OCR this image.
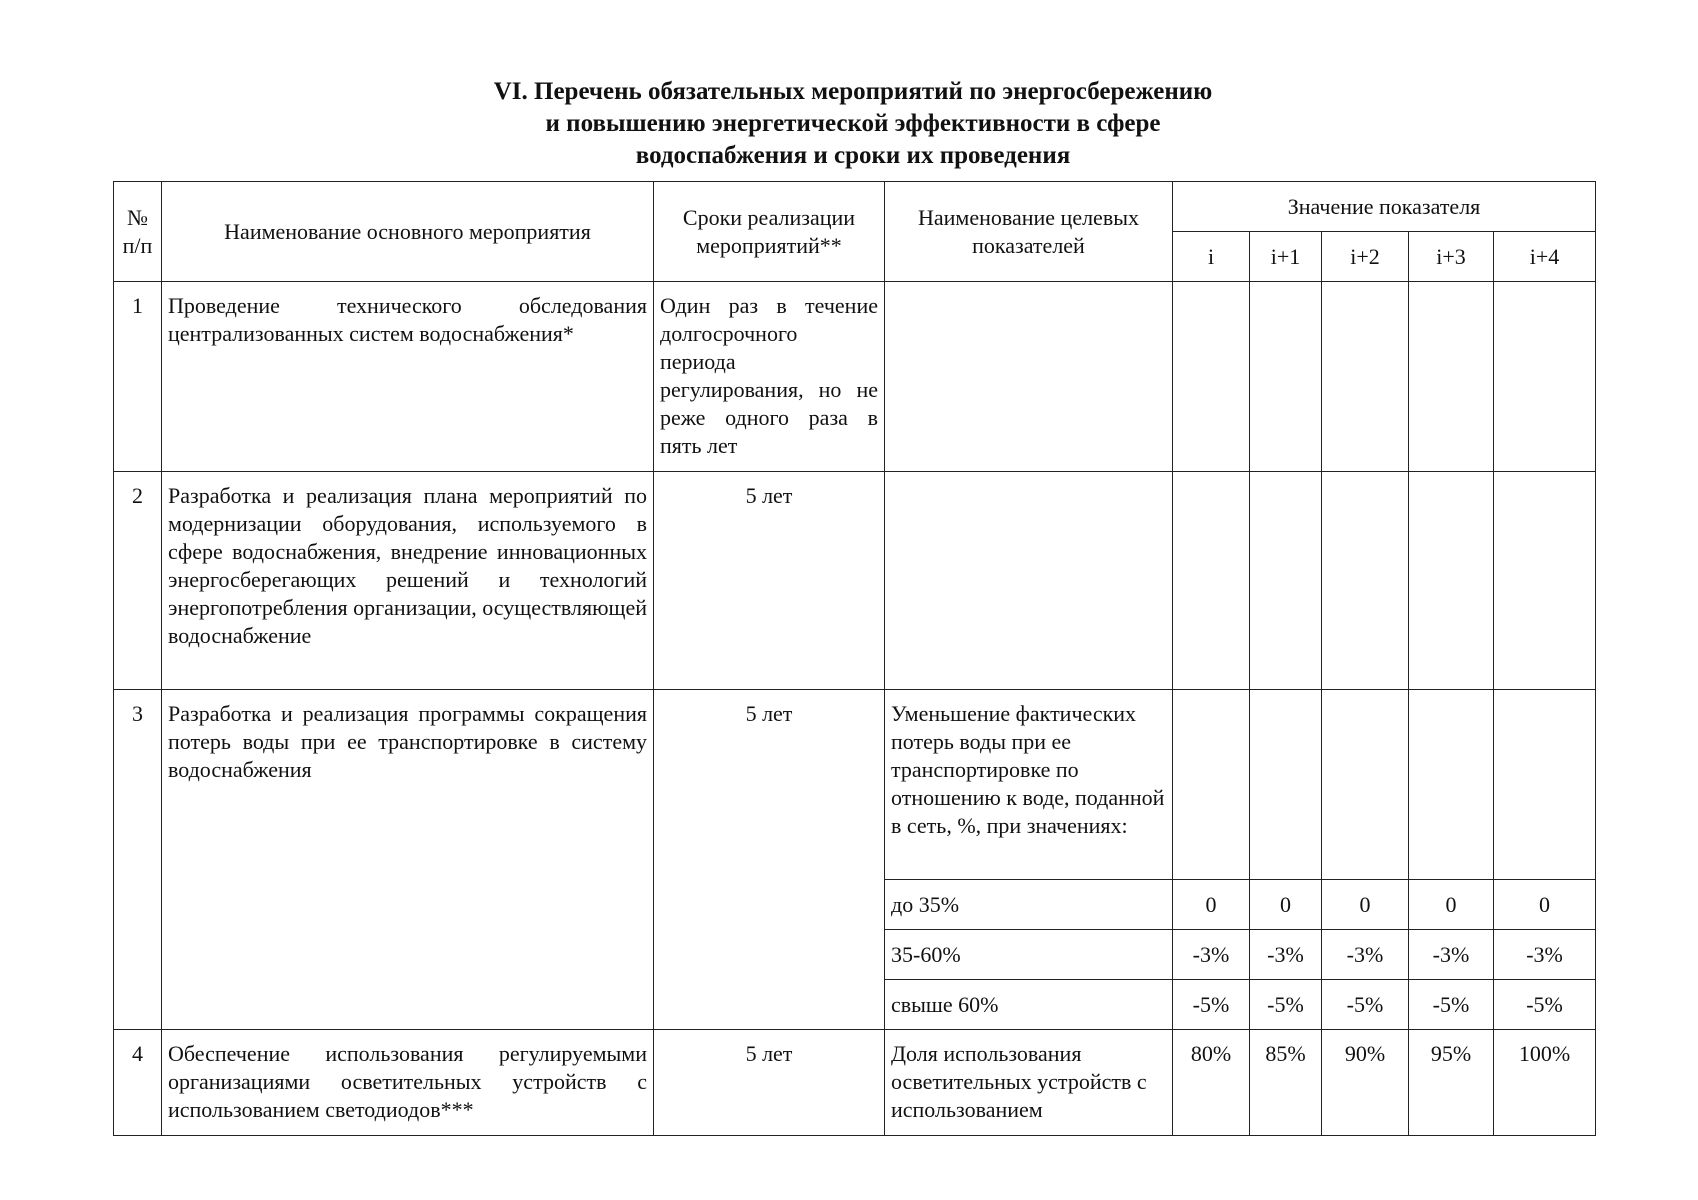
VI. Перечень обязательных мероприятий по энергосбережению
и повышению энергетической эффективности в сфере
водоспабжения и сроки их проведения
№ п/п	Наименование основного мероприятия	Сроки реализации мероприятий**	Наименование целевых показателей	Значение показателя				
				i	i+1	i+2	i+3	i+4
1	Проведение технического обследования централизованных систем водоснабжения*	Один раз в течение долгосрочного периода регулирования, но не реже одного раза в пять лет						
2	Разработка и реализация плана мероприятий по модернизации оборудования, используемого в сфере водоснабжения, внедрение инновационных энергосберегающих решений и технологий энергопотребления организации, осуществляющей водоснабжение	5 лет						
3	Разработка и реализация программы сокращения потерь воды при ее транспортировке в систему водоснабжения	5 лет	Уменьшение фактических потерь воды при ее транспортировке по отношению к воде, поданной в сеть, %, при значениях:					
			до 35%	0	0	0	0	0
			35-60%	-3%	-3%	-3%	-3%	-3%
			свыше 60%	-5%	-5%	-5%	-5%	-5%
4	Обеспечение использования регулируемыми организациями осветительных устройств с использованием светодиодов***	5 лет	Доля использования осветительных устройств с использованием	80%	85%	90%	95%	100%
